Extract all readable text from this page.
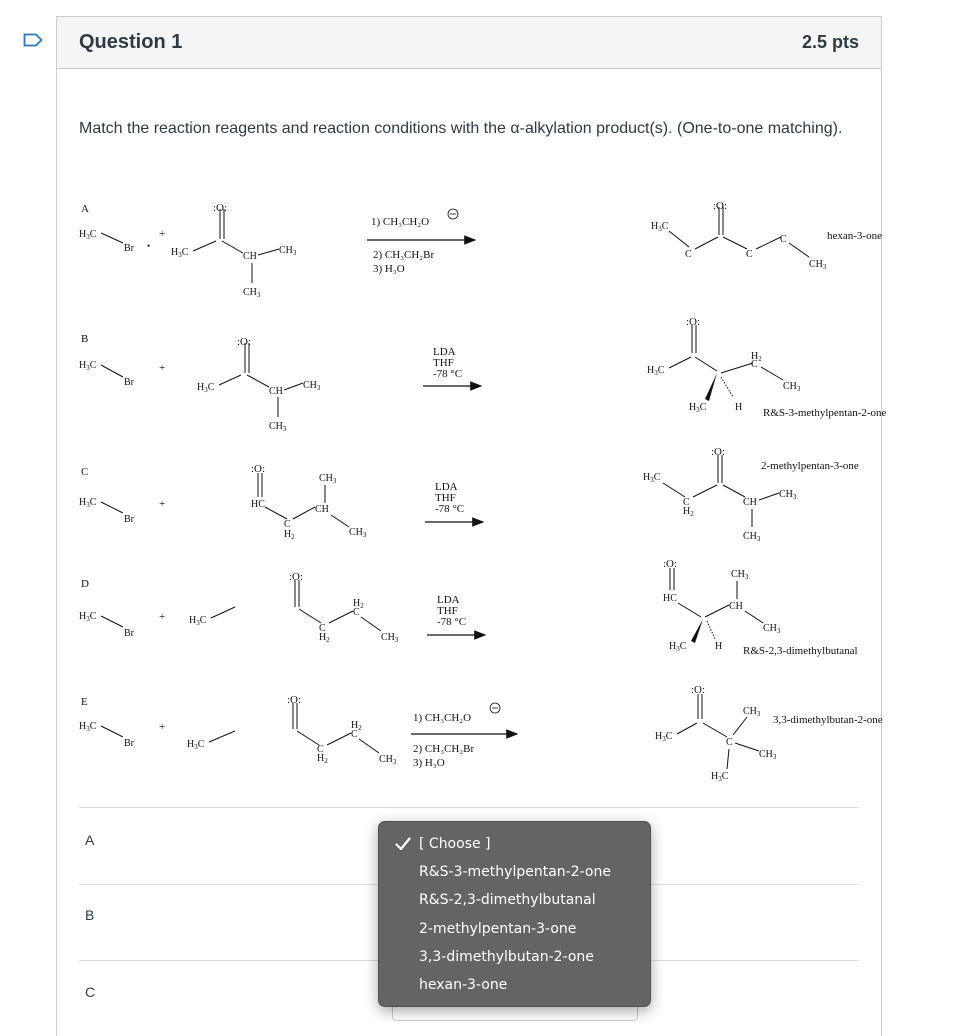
Question 1	2.5 pts
Match the reaction reagents and reaction conditions with the α-alkylation product(s). (One-to-one matching).
A
$H_3C$
Br •
+
$H_3C$
:O:
CH
$CH_3$
$CH_3$
1) CH₃CH₂O
2) CH₃CH₂Br
3) H₃O
$H_3C$
C
:O:
C
C
$CH_3$
hexan-3-one
B
$H_3C$
Br
+
$H_3C$
:O:
CH
$CH_3$
$CH_3$
LDA
THF
-78 °C
:O:
$H_3C$
C
$H_2$
$CH_3$
$H_3C$	H R&S-3-methylpentan-2-one
C
$H_3C$
Br
+
:O:
HC
C
$H_2$
CH
$CH_3$
$CH_3$
LDA
THF
-78 °C
:O:
$H_3C$
C
$H_2$
CH
$CH_3$
$CH_3$
2-methylpentan-3-one
D
$H_3C$
Br
+ $H_3C$
:O:
C
$H_2$
C
$H_2$
$CH_3$
LDA
THF
-78 °C
:O:
HC
CH
$CH_3$
$CH_3$
$H_3C$	H R&S-2,3-dimethylbutanal
E
$H_3C$
Br
+
$H_3C$
:O:
C
$H_2$
C
$H_2$
$CH_3$
1) CH₃CH₂O
2) CH₃CH₂Br
3) H₃O
:O:
$H_3C$
C
$CH_3$
$CH_3$
$H_3C$
3,3-dimethylbutan-2-one
A
B
C
[ Choose ]
R&S-3-methylpentan-2-one
R&S-2,3-dimethylbutanal
2-methylpentan-3-one
3,3-dimethylbutan-2-one
hexan-3-one
